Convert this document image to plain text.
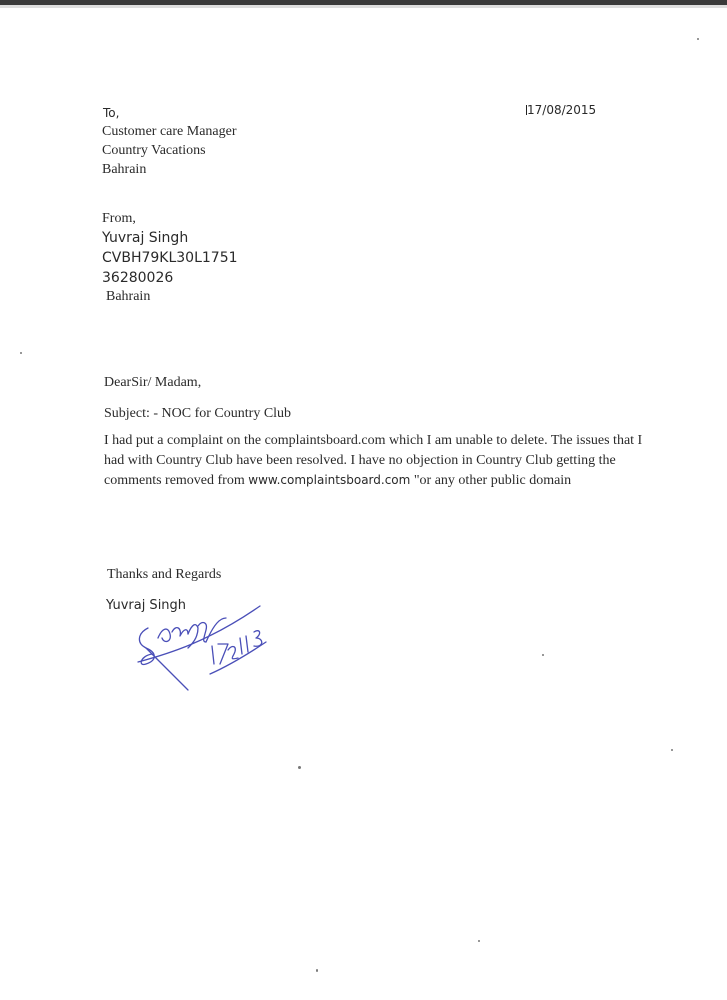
To,	17/08/2015
Customer care Manager
Country Vacations
Bahrain
From,
Yuvraj Singh
CVBH79KL30L1751
36280026
Bahrain
DearSir/ Madam,
Subject: - NOC for Country Club
I had put a complaint on the complaintsboard.com which I am unable to delete. The issues that I
had with Country Club have been resolved. I have no objection in Country Club getting the
comments removed from www.complaintsboard.com "or any other public domain
Thanks and Regards
Yuvraj Singh
